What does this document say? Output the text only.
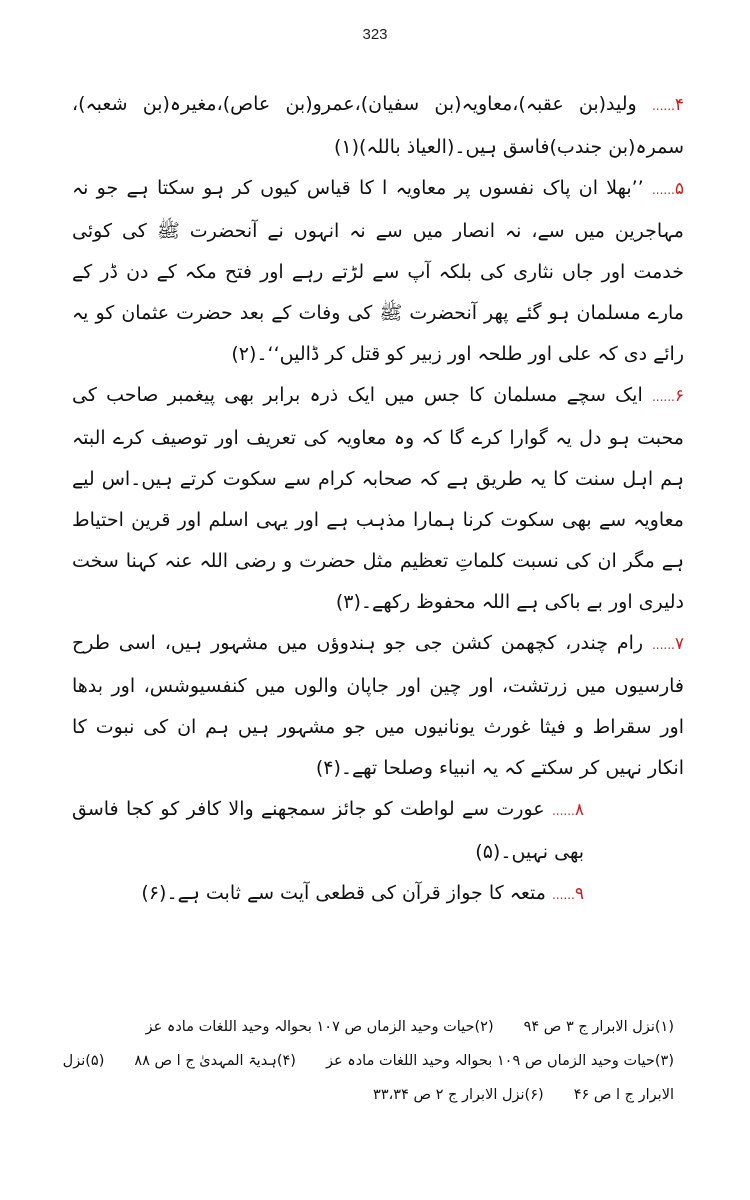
323

۴...... ولید(بن عقبہ)،معاویہ(بن سفیان)،عمرو(بن عاص)،مغیرہ(بن شعبہ)، سمرہ(بن جندب)فاسق ہیں۔(العیاذ باللہ)(۱)

۵...... ’’بھلا ان پاک نفسوں پر معاویہ ا کا قیاس کیوں کر ہو سکتا ہے جو نہ مہاجرین میں سے، نہ انصار میں سے نہ انہوں نے آنحضرت ﷺ کی کوئی خدمت اور جاں نثاری کی بلکہ آپ سے لڑتے رہے اور فتح مکہ کے دن ڈر کے مارے مسلمان ہو گئے پھر آنحضرت ﷺ کی وفات کے بعد حضرت عثمان کو یہ رائے دی کہ علی اور طلحہ اور زبیر کو قتل کر ڈالیں‘‘۔(۲)

۶...... ایک سچے مسلمان کا جس میں ایک ذرہ برابر بھی پیغمبر صاحب کی محبت ہو دل یہ گوارا کرے گا کہ وہ معاویہ کی تعریف اور توصیف کرے البتہ ہم اہل سنت کا یہ طریق ہے کہ صحابہ کرام سے سکوت کرتے ہیں۔اس لیے معاویہ سے بھی سکوت کرنا ہمارا مذہب ہے اور یہی اسلم اور قرین احتیاط ہے مگر ان کی نسبت کلماتِ تعظیم مثل حضرت و رضی اللہ عنہ کہنا سخت دلیری اور بے باکی ہے اللہ محفوظ رکھے۔(۳)

۷...... رام چندر، کچھمن کشن جی جو ہندوؤں میں مشہور ہیں، اسی طرح فارسیوں میں زرتشت، اور چین اور جاپان والوں میں کنفسیوشس، اور بدھا اور سقراط و فیثا غورث یونانیوں میں جو مشہور ہیں ہم ان کی نبوت کا انکار نہیں کر سکتے کہ یہ انبیاء وصلحا تھے۔(۴)

۸...... عورت سے لواطت کو جائز سمجھنے والا کافر کو کجا فاسق بھی نہیں۔(۵)

۹...... متعہ کا جواز قرآن کی قطعی آیت سے ثابت ہے۔(۶)

(۱)نزل الابرار ج ۳ ص ۹۴(۲)حیات وحید الزماں ص ۱۰۷ بحوالہ وحید اللغات مادہ عز
(۳)حیات وحید الزماں ص ۱۰۹ بحوالہ وحید اللغات مادہ عز(۴)ہدیۃ المہدیٰ ج ا ص ۸۸(۵)نزل
الابرار ج ا ص ۴۶(۶)نزل الابرار ج ۲ ص ۳۳،۳۴
